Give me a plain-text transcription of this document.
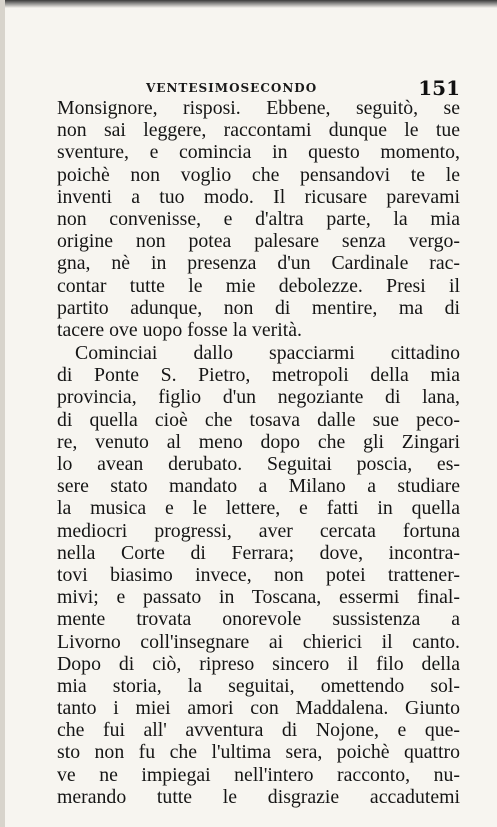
VENTESIMOSECONDO	151
Monsignore, risposi. Ebbene, seguitò, se
non sai leggere, raccontami dunque le tue
sventure, e comincia in questo momento,
poichè non voglio che pensandovi te le
inventi a tuo modo. Il ricusare parevami
non convenisse, e d'altra parte, la mia
origine non potea palesare senza vergo-
gna, nè in presenza d'un Cardinale rac-
contar tutte le mie debolezze. Presi il
partito adunque, non di mentire, ma di
tacere ove uopo fosse la verità.
Cominciai dallo spacciarmi cittadino
di Ponte S. Pietro, metropoli della mia
provincia, figlio d'un negoziante di lana,
di quella cioè che tosava dalle sue peco-
re, venuto al meno dopo che gli Zingari
lo avean derubato. Seguitai poscia, es-
sere stato mandato a Milano a studiare
la musica e le lettere, e fatti in quella
mediocri progressi, aver cercata fortuna
nella Corte di Ferrara; dove, incontra-
tovi biasimo invece, non potei trattener-
mivi; e passato in Toscana, essermi final-
mente trovata onorevole sussistenza a
Livorno coll'insegnare ai chierici il canto.
Dopo di ciò, ripreso sincero il filo della
mia storia, la seguitai, omettendo sol-
tanto i miei amori con Maddalena. Giunto
che fui all' avventura di Nojone, e que-
sto non fu che l'ultima sera, poichè quattro
ve ne impiegai nell'intero racconto, nu-
merando tutte le disgrazie accadutemi
